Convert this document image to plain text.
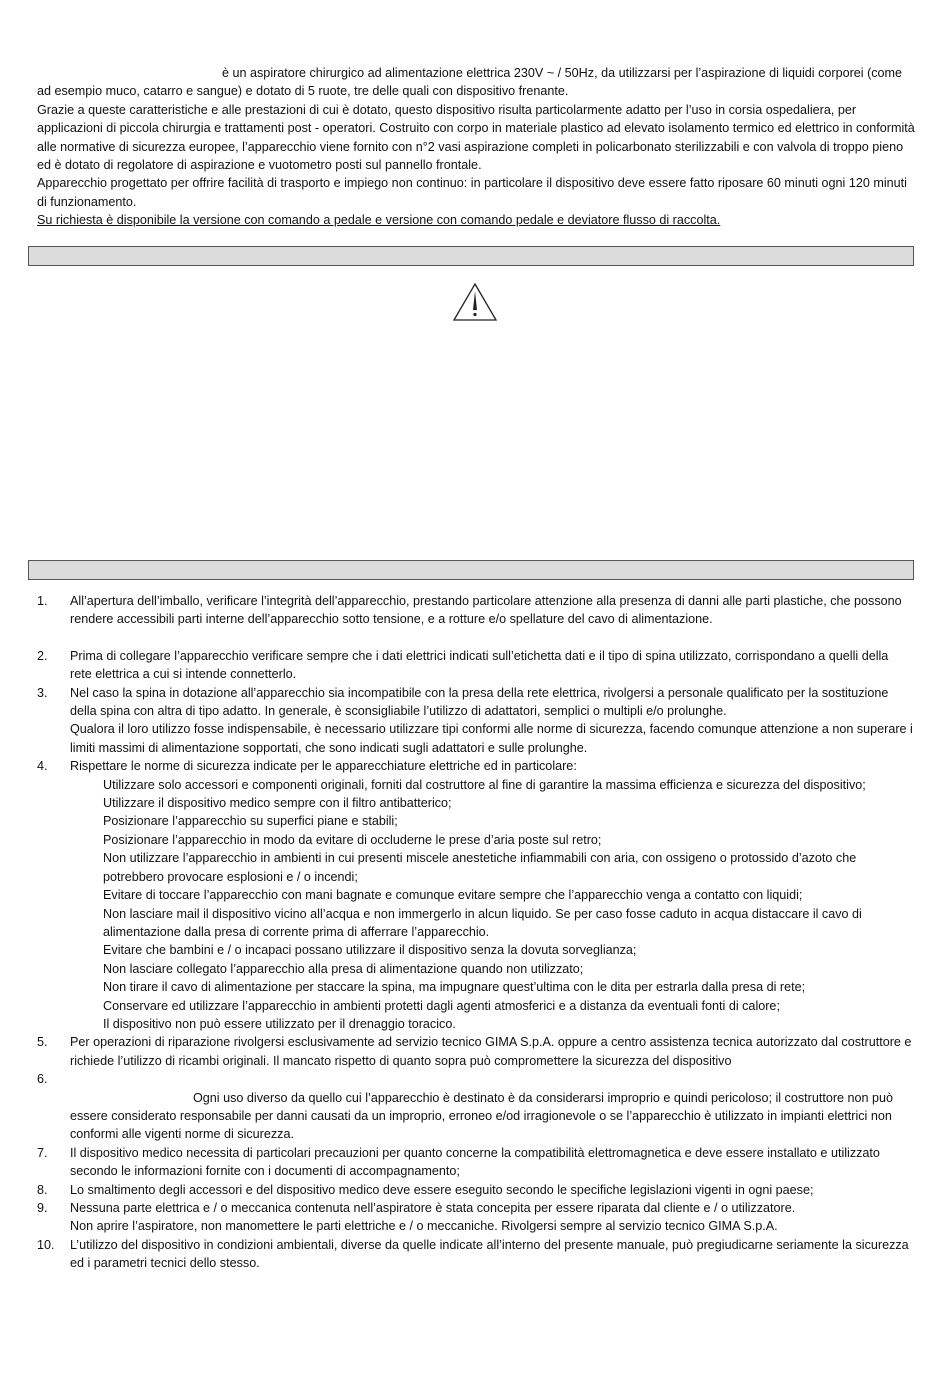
è un aspiratore chirurgico ad alimentazione elettrica 230V ~ / 50Hz, da utilizzarsi per l’aspirazione di liquidi corporei (come ad esempio muco, catarro e sangue) e dotato di 5 ruote, tre delle quali con dispositivo frenante.

Grazie a queste caratteristiche e alle prestazioni di cui è dotato, questo dispositivo risulta particolarmente adatto per l’uso in corsia ospedaliera, per applicazioni di piccola chirurgia e trattamenti post - operatori. Costruito con corpo in materiale plastico ad elevato isolamento termico ed elettrico in conformità alle normative di sicurezza europee, l’apparecchio viene fornito con n°2 vasi aspirazione completi in policarbonato sterilizzabili e con valvola di troppo pieno ed è dotato di regolatore di aspirazione e vuotometro posti sul pannello frontale.

Apparecchio progettato per offrire facilità di trasporto e impiego non continuo: in particolare il dispositivo deve essere fatto riposare 60 minuti ogni 120 minuti di funzionamento.

Su richiesta è disponibile la versione con comando a pedale e versione con comando pedale e deviatore flusso di raccolta.

1.	All’apertura dell’imballo, verificare l’integrità dell’apparecchio, prestando particolare attenzione alla presenza di danni alle parti plastiche, che possono rendere accessibili parti interne dell’apparecchio sotto tensione, e a rotture e/o spellature del cavo di alimentazione.
2.	Prima di collegare l’apparecchio verificare sempre che i dati elettrici indicati sull’etichetta dati e il tipo di spina utilizzato, corrispondano a quelli della rete elettrica a cui si intende connetterlo.
3.	Nel caso la spina in dotazione all’apparecchio sia incompatibile con la presa della rete elettrica, rivolgersi a personale qualificato per la sostituzione della spina con altra di tipo adatto. In generale, è sconsigliabile l’utilizzo di adattatori, semplici o multipli e/o prolunghe.
Qualora il loro utilizzo fosse indispensabile, è necessario utilizzare tipi conformi alle norme di sicurezza, facendo comunque attenzione a non superare i limiti massimi di alimentazione sopportati, che sono indicati sugli adattatori e sulle prolunghe.
4.	Rispettare le norme di sicurezza indicate per le apparecchiature elettriche ed in particolare:
Utilizzare solo accessori e componenti originali, forniti dal costruttore al fine di garantire la massima efficienza e sicurezza del dispositivo;
Utilizzare il dispositivo medico sempre con il filtro antibatterico;
Posizionare l’apparecchio su superfici piane e stabili;
Posizionare l’apparecchio in modo da evitare di occluderne le prese d’aria poste sul retro;
Non utilizzare l’apparecchio in ambienti in cui presenti miscele anestetiche infiammabili con aria, con ossigeno o protossido d’azoto che potrebbero provocare esplosioni e / o incendi;
Evitare di toccare l’apparecchio con mani bagnate e comunque evitare sempre che l’apparecchio venga a contatto con liquidi;
Non lasciare mail il dispositivo vicino all’acqua e non immergerlo in alcun liquido. Se per caso fosse caduto in acqua distaccare il cavo di alimentazione dalla presa di corrente prima di afferrare l’apparecchio.
Evitare che bambini e / o incapaci possano utilizzare il dispositivo senza la dovuta sorveglianza;
Non lasciare collegato l’apparecchio alla presa di alimentazione quando non utilizzato;
Non tirare il cavo di alimentazione per staccare la spina, ma impugnare quest’ultima con le dita per estrarla dalla presa di rete;
Conservare ed utilizzare l’apparecchio in ambienti protetti dagli agenti atmosferici e a distanza da eventuali fonti di calore;
Il dispositivo non può essere utilizzato per il drenaggio toracico.
5.	Per operazioni di riparazione rivolgersi esclusivamente ad servizio tecnico GIMA S.p.A. oppure a centro assistenza tecnica autorizzato dal costruttore e richiede l’utilizzo di ricambi originali. Il mancato rispetto di quanto sopra può compromettere la sicurezza del dispositivo
6.
Ogni uso diverso da quello cui l’apparecchio è destinato è da considerarsi improprio e quindi pericoloso; il costruttore non può essere considerato responsabile per danni causati da un improprio, erroneo e/od irragionevole o se l’apparecchio è utilizzato in impianti elettrici non conformi alle vigenti norme di sicurezza.
7.	Il dispositivo medico necessita di particolari precauzioni per quanto concerne la compatibilità elettromagnetica e deve essere installato e utilizzato secondo le informazioni fornite con i documenti di accompagnamento;
8.	Lo smaltimento degli accessori e del dispositivo medico deve essere eseguito secondo le specifiche legislazioni vigenti in ogni paese;
9.	Nessuna parte elettrica e / o meccanica contenuta nell’aspiratore è stata concepita per essere riparata dal cliente e / o utilizzatore.
Non aprire l’aspiratore, non manomettere le parti elettriche e / o meccaniche. Rivolgersi sempre al servizio tecnico GIMA S.p.A.
10.	L’utilizzo del dispositivo in condizioni ambientali, diverse da quelle indicate all’interno del presente manuale, può pregiudicarne seriamente la sicurezza ed i parametri tecnici dello stesso.
